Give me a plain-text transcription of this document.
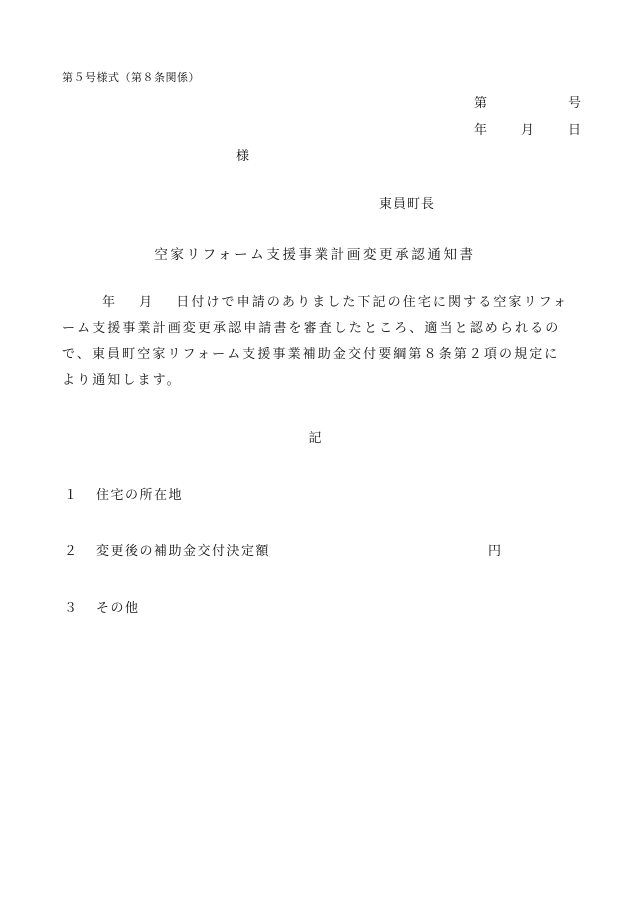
第５号様式（第８条関係）
第	号
年	月	日
様
東員町長
空家リフォーム支援事業計画変更承認通知書
年 月 日付けで申請のありました下記の住宅に関する空家リフォ
ーム支援事業計画変更承認申請書を審査したところ、適当と認められるの
で、東員町空家リフォーム支援事業補助金交付要綱第８条第２項の規定に
より通知します。
記
１ 住宅の所在地
２ 変更後の補助金交付決定額	円
３ その他
